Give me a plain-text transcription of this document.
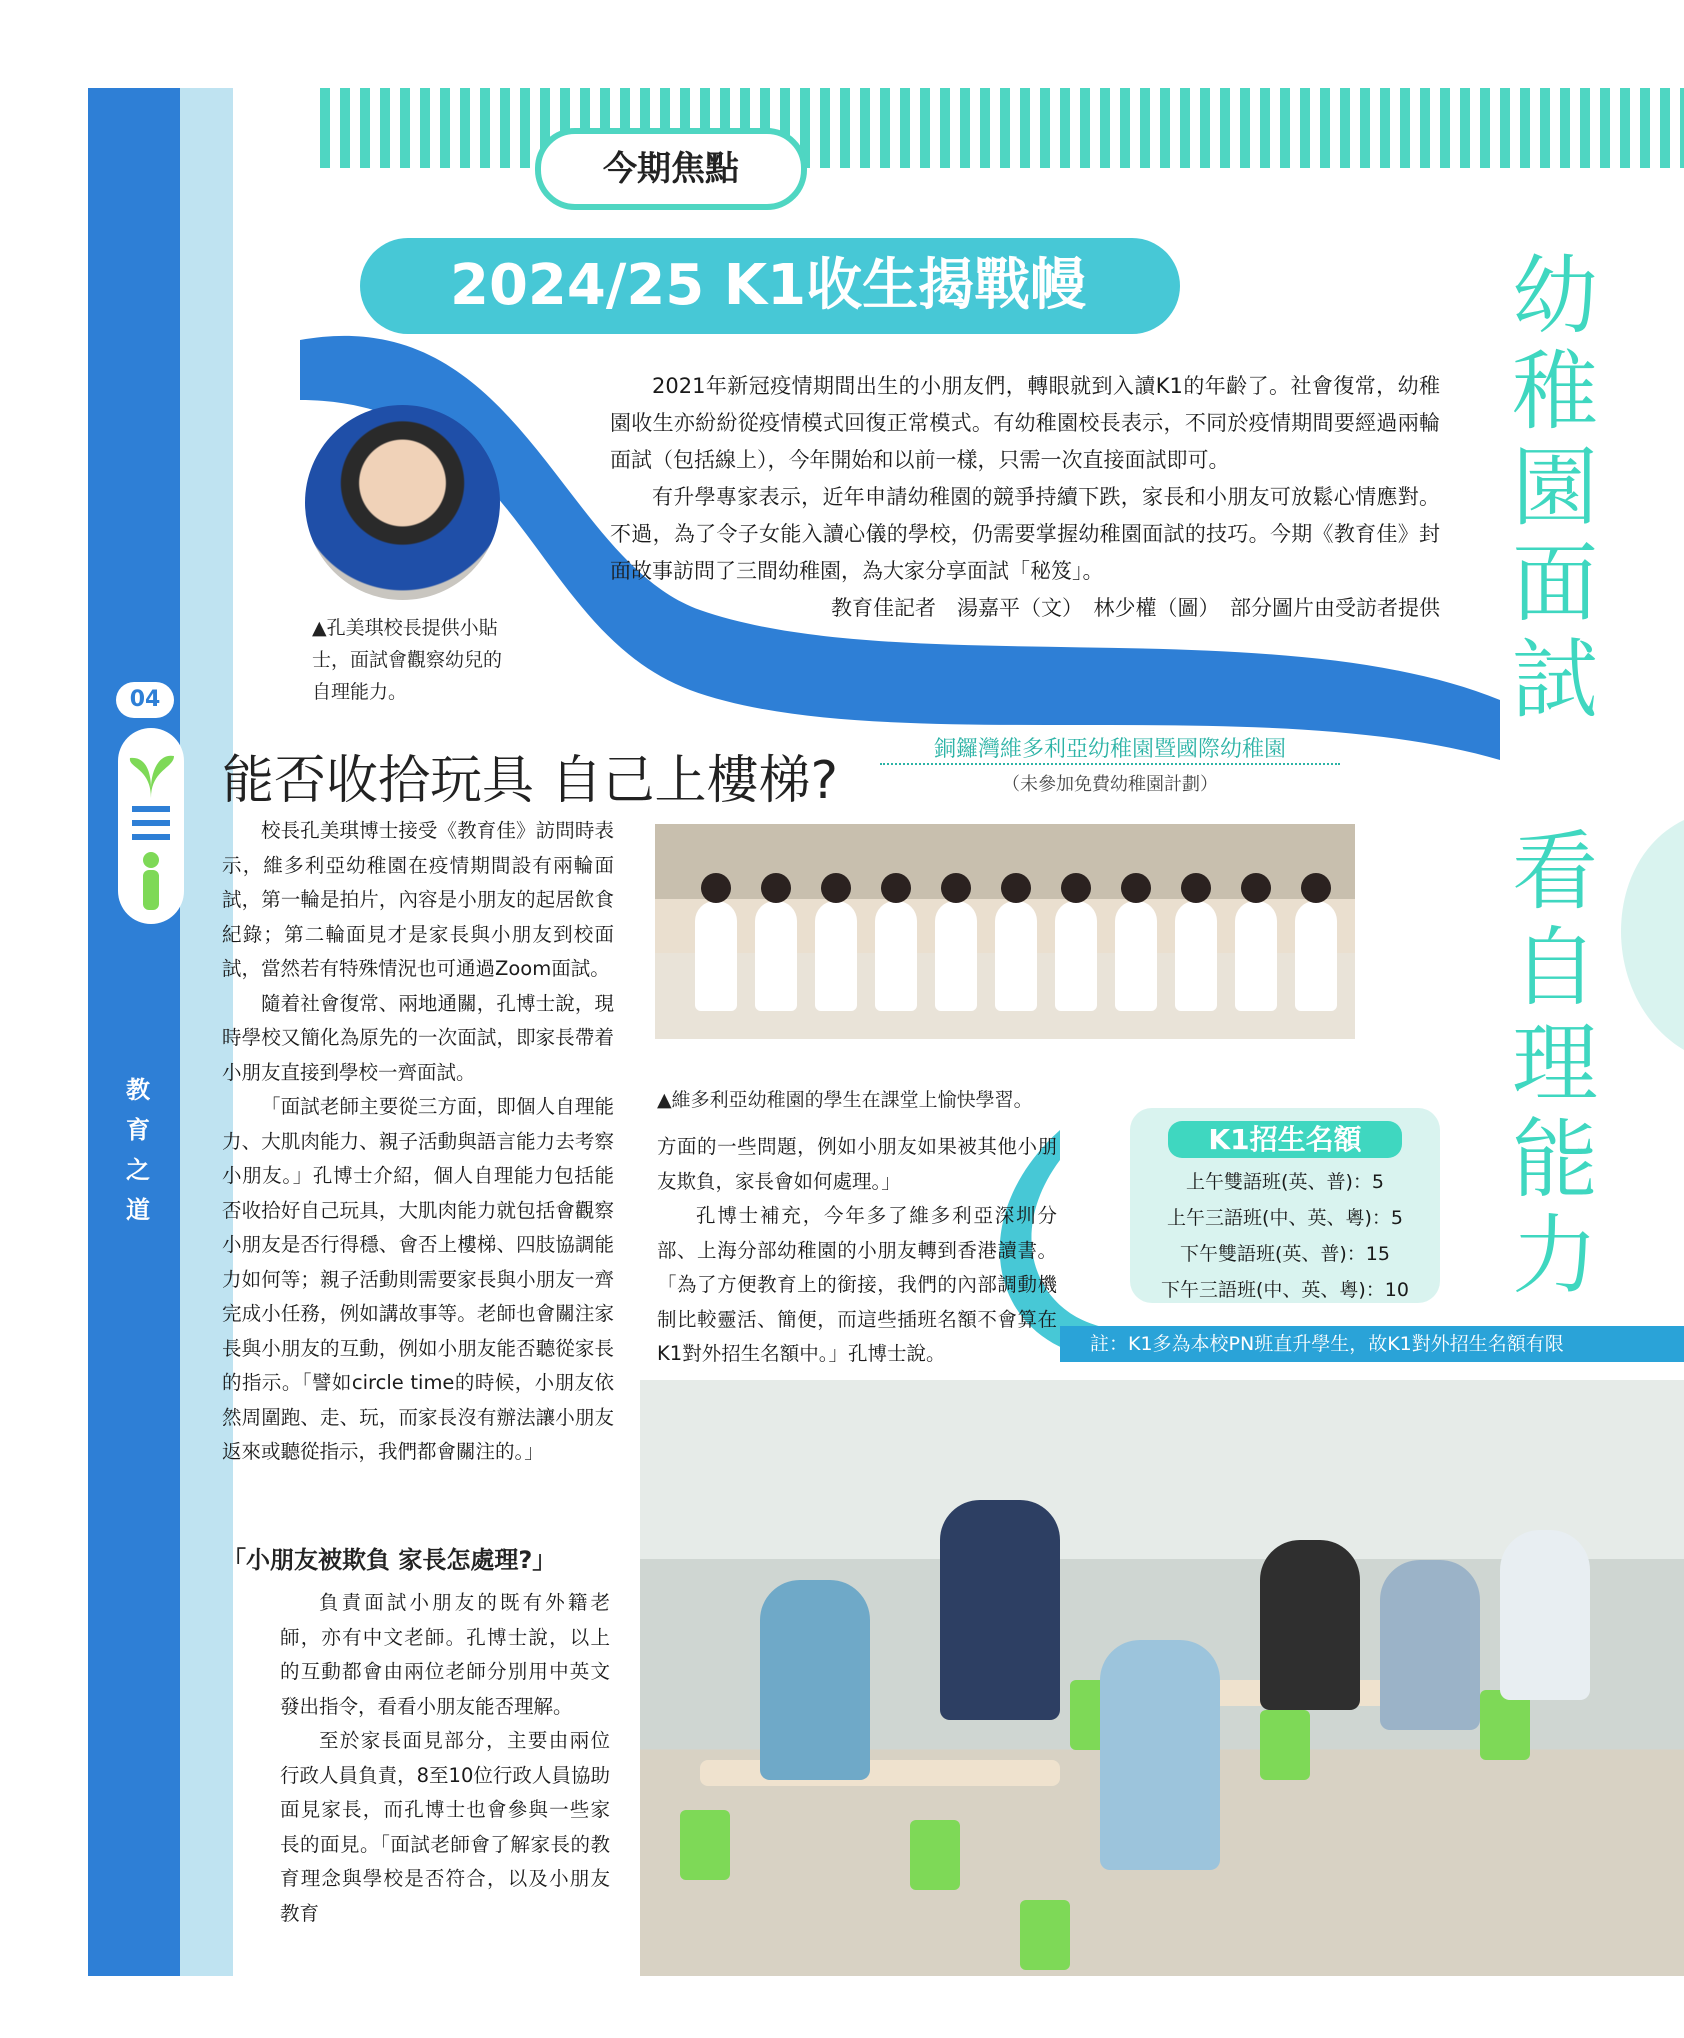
今期焦點
2024/25 K1收生揭戰幔	幼
稚
園
面
試

看
自
理
能
力
▲孔美琪校長提供小貼士，面試會觀察幼兒的自理能力。

2021年新冠疫情期間出生的小朋友們，轉眼就到入讀K1的年齡了。社會復常，幼稚園收生亦紛紛從疫情模式回復正常模式。有幼稚園校長表示，不同於疫情期間要經過兩輪面試（包括線上），今年開始和以前一樣，只需一次直接面試即可。

有升學專家表示，近年申請幼稚園的競爭持續下跌，家長和小朋友可放鬆心情應對。不過，為了令子女能入讀心儀的學校，仍需要掌握幼稚園面試的技巧。今期《教育佳》封面故事訪問了三間幼稚園，為大家分享面試「秘笈」。

教育佳記者　湯嘉平（文）　林少權（圖）　部分圖片由受訪者提供

04
教育之道
能否收拾玩具 自己上樓梯?
銅鑼灣維多利亞幼稚園暨國際幼稚園
（未參加免費幼稚園計劃）

校長孔美琪博士接受《教育佳》訪問時表示，維多利亞幼稚園在疫情期間設有兩輪面試，第一輪是拍片，內容是小朋友的起居飲食紀錄；第二輪面見才是家長與小朋友到校面試，當然若有特殊情況也可通過Zoom面試。

隨着社會復常、兩地通關，孔博士說，現時學校又簡化為原先的一次面試，即家長帶着小朋友直接到學校一齊面試。

「面試老師主要從三方面，即個人自理能力、大肌肉能力、親子活動與語言能力去考察小朋友。」孔博士介紹，個人自理能力包括能否收拾好自己玩具，大肌肉能力就包括會觀察小朋友是否行得穩、會否上樓梯、四肢協調能力如何等；親子活動則需要家長與小朋友一齊完成小任務，例如講故事等。老師也會關注家長與小朋友的互動，例如小朋友能否聽從家長的指示。「譬如circle time的時候，小朋友依然周圍跑、走、玩，而家長沒有辦法讓小朋友返來或聽從指示，我們都會關注的。」

「小朋友被欺負 家長怎處理?」

負責面試小朋友的既有外籍老師，亦有中文老師。孔博士說，以上的互動都會由兩位老師分別用中英文發出指令，看看小朋友能否理解。

至於家長面見部分，主要由兩位行政人員負責，8至10位行政人員協助面見家長，而孔博士也會參與一些家長的面見。「面試老師會了解家長的教育理念與學校是否符合，以及小朋友教育

▲維多利亞幼稚園的學生在課堂上愉快學習。

方面的一些問題，例如小朋友如果被其他小朋友欺負，家長會如何處理。」

孔博士補充，今年多了維多利亞深圳分部、上海分部幼稚園的小朋友轉到香港讀書。「為了方便教育上的銜接，我們的內部調動機制比較靈活、簡便，而這些插班名額不會算在K1對外招生名額中。」孔博士說。

K1招生名額
上午雙語班(英、普)：5
上午三語班(中、英、粵)：5
下午雙語班(英、普)：15
下午三語班(中、英、粵)：10
註：K1多為本校PN班直升學生，故K1對外招生名額有限
